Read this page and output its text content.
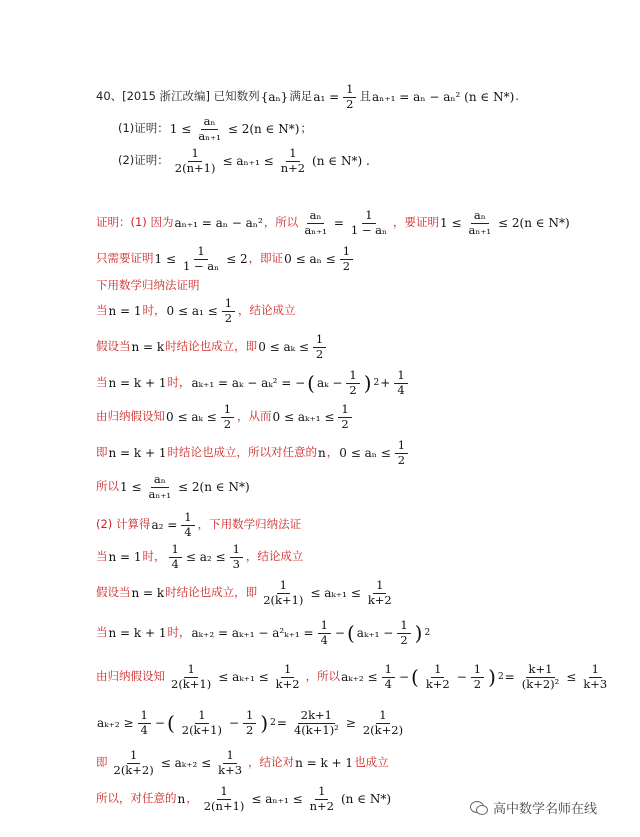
40、[2015 浙江改编] 已知数列 {aₙ} 满足 $a_1 = \frac{1}{2}$ 且 aₙ₊₁ = aₙ − aₙ² (n ∈ N*) .
(1)证明： $1 \le \frac{\text{aₙ}}{\text{aₙ₊₁}} \le 2(n$ ∈ N*) ；
(2)证明： $\frac{1}{2(n+1)} \le a_{n+1} \le \frac{1}{n+2} (n$ ∈ N*) .
证明：(1) 因为 aₙ₊₁ = aₙ − aₙ² ，所以 $\frac{\text{aₙ}}{\text{aₙ₊₁}} = \frac{1}{\text{1 − aₙ}}$ ，要证明 $1 \le \frac{\text{aₙ}}{\text{aₙ₊₁}} \le 2(n$ ∈ N*)
只需要证明 $1 \le \frac{1}{\text{1 − aₙ}} \le 2$ ，即证 $0 \le a_n \le \frac{1}{2}$
下用数学归纳法证明
当 n = 1 时， $0 \le a_1 \le \frac{1}{2}$ ，结论成立
假设当 n = k 时结论也成立，即 $0 \le a_k \le \frac{1}{2}$
当 n = k + 1 时， aₖ₊₁ = aₖ − aₖ² = − ( $a_k - \frac{1}{2}$ ) $2 + \frac{1}{4}$
由归纳假设知 $0 \le a_k \le \frac{1}{2}$ ，从而 $0 \le a_{k+1} \le \frac{1}{2}$
即 n = k + 1 时结论也成立，所以对任意的 n ， $0 \le a_n \le \frac{1}{2}$
所以 $1 \le \frac{\text{aₙ}}{\text{aₙ₊₁}} \le 2(n$ ∈ N*)
(2) 计算得 $a_2 = \frac{1}{4}$ ，下用数学归纳法证
当 n = 1 时， $\frac{1}{4} \le a_2 \le \frac{1}{3}$ ，结论成立
假设当 n = k 时结论也成立，即 $\frac{1}{2(k+1)} \le a_{k+1} \le \frac{1}{k+2}$
当 n = k + 1 时， $a_{k+2} = a_{k+1} - a^2_{k+1} = \frac{1}{4}$ − ( $a_{k+1} - \frac{1}{2}$ ) 2
由归纳假设知 $\frac{1}{2(k+1)} \le a_{k+1} \le \frac{1}{k+2}$ ，所以 $a_{k+2} \le \frac{1}{4}$ − ( $\frac{1}{k+2} - \frac{1}{2}$ ) $2 = \frac{k+1}{\text{(k+2)²}} \le \frac{1}{k+3}$
$a_{k+2} \ge \frac{1}{4}$ − ( $\frac{1}{2(k+1)} - \frac{1}{2}$ ) $2 = \frac{2k+1}{\text{4(k+1)²}} \ge \frac{1}{2(k+2)}$
即 $\frac{1}{2(k+2)} \le a_{k+2} \le \frac{1}{k+3}$ ，结论对 n = k + 1 也成立
所以，对任意的 n ， $\frac{1}{2(n+1)} \le a_{n+1} \le \frac{1}{n+2} (n$ ∈ N*)
高中数学名师在线
